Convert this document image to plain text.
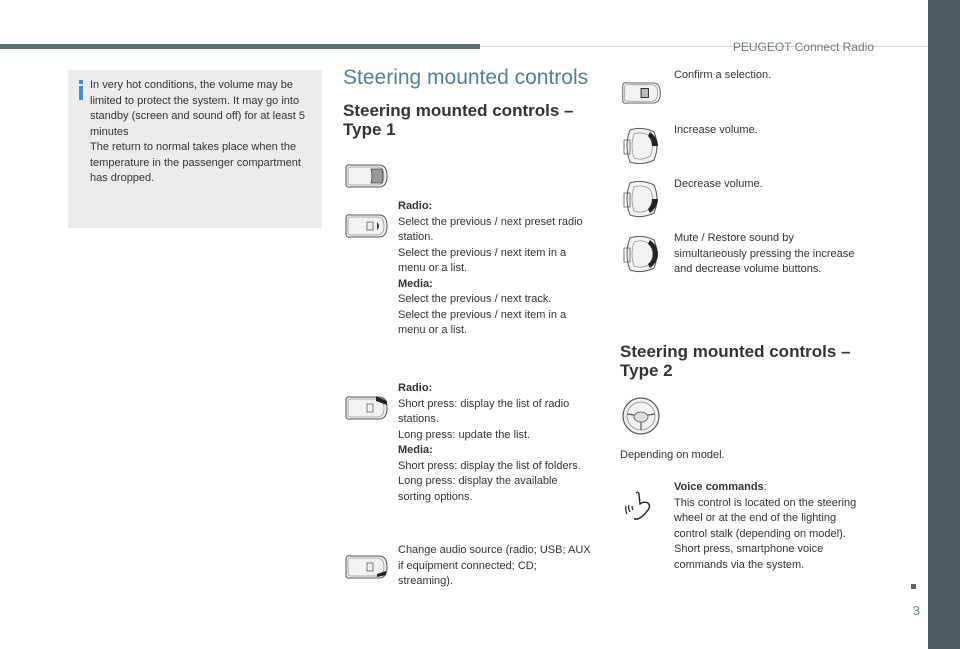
PEUGEOT Connect Radio
3

In very hot conditions, the volume may be limited to protect the system. It may go into standby (screen and sound off) for at least 5 minutes

The return to normal takes place when the temperature in the passenger compartment has dropped.

Steering mounted controls
Steering mounted controls – Type 1
Steering mounted controls – Type 2

Radio:

Select the previous / next preset radio station.

Select the previous / next item in a menu or a list.

Media:

Select the previous / next track.

Select the previous / next item in a menu or a list.

Radio:

Short press: display the list of radio stations.

Long press: update the list.

Media:

Short press: display the list of folders.

Long press: display the available sorting options.

Change audio source (radio; USB; AUX if equipment connected; CD; streaming).

Confirm a selection.

Increase volume.

Decrease volume.

Mute / Restore sound by simultaneously pressing the increase and decrease volume buttons.

Depending on model.

Voice commands:

This control is located on the steering wheel or at the end of the lighting control stalk (depending on model).

Short press, smartphone voice commands via the system.
